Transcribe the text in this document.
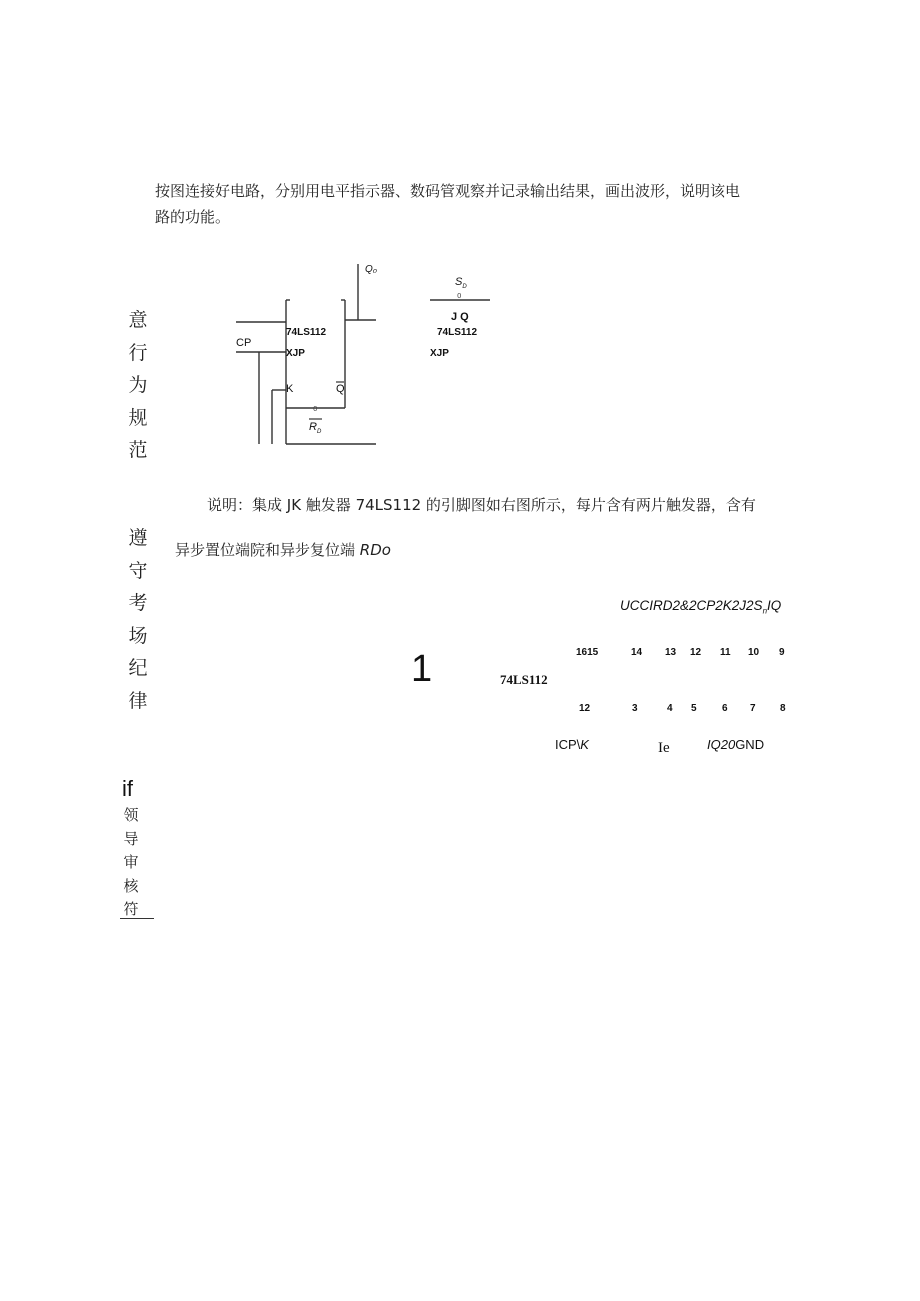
按图连接好电路，分别用电平指示器、数码管观察并记录输出结果，画出波形，说明该电
路的功能。
意
行
为
规
范
遵
守
考
场
纪
律
if
领
导
审
核
符
Q₀
74LS112
CP
XJP
K	Q
0
$R_D$
$S_D$
0
J Q
74LS112
XJP
说明：集成 JK 触发器 74LS112 的引脚图如右图所示，每片含有两片触发器，含有
异步置位端院和异步复位端 RDo
$UCCIRD2\&2CP2K2J2S_nIQ$
1615	14 13 12 11 10 9
1	74LS112
12	3	4 5	6 7 8
ICP\K	Ie	IQ20GND
